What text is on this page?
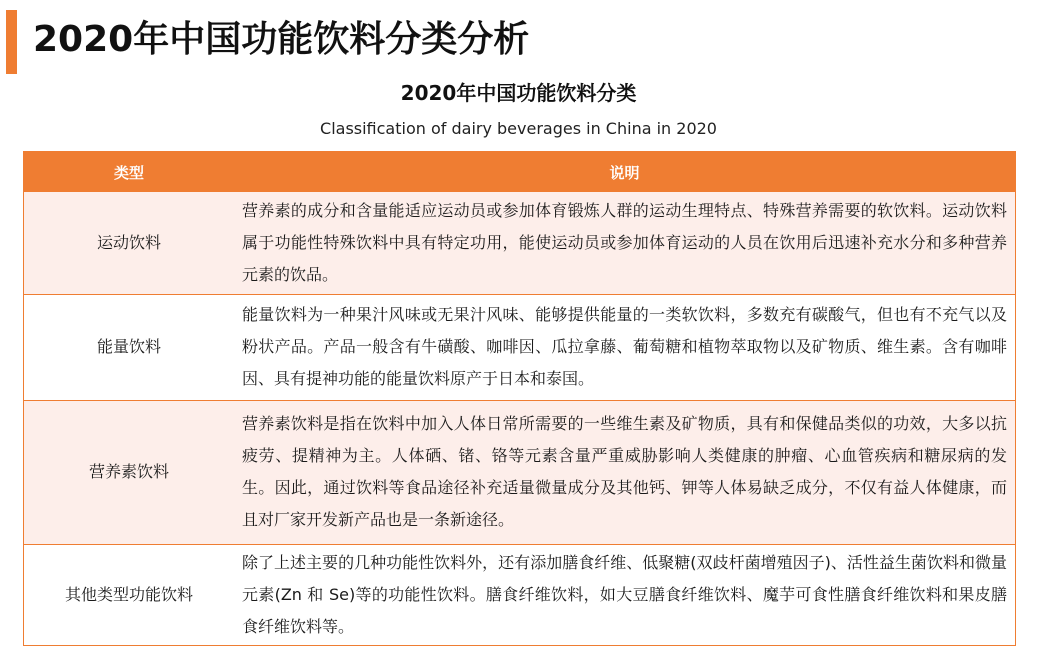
2020年中国功能饮料分类分析
2020年中国功能饮料分类
Classification of dairy beverages in China in 2020
类型	说明
运动饮料	营养素的成分和含量能适应运动员或参加体育锻炼人群的运动生理特点、特殊营养需要的软饮料。运动饮料属于功能性特殊饮料中具有特定功用，能使运动员或参加体育运动的人员在饮用后迅速补充水分和多种营养元素的饮品。
能量饮料	能量饮料为一种果汁风味或无果汁风味、能够提供能量的一类软饮料，多数充有碳酸气，但也有不充气以及粉状产品。产品一般含有牛磺酸、咖啡因、瓜拉拿藤、葡萄糖和植物萃取物以及矿物质、维生素。含有咖啡因、具有提神功能的能量饮料原产于日本和泰国。
营养素饮料	营养素饮料是指在饮料中加入人体日常所需要的一些维生素及矿物质，具有和保健品类似的功效，大多以抗疲劳、提精神为主。人体硒、锗、铬等元素含量严重威胁影响人类健康的肿瘤、心血管疾病和糖尿病的发生。因此，通过饮料等食品途径补充适量微量成分及其他钙、钾等人体易缺乏成分，不仅有益人体健康，而且对厂家开发新产品也是一条新途径。
其他类型功能饮料	除了上述主要的几种功能性饮料外，还有添加膳食纤维、低聚糖(双歧杆菌增殖因子)、活性益生菌饮料和微量元素(Zn 和 Se)等的功能性饮料。膳食纤维饮料，如大豆膳食纤维饮料、魔芋可食性膳食纤维饮料和果皮膳食纤维饮料等。
